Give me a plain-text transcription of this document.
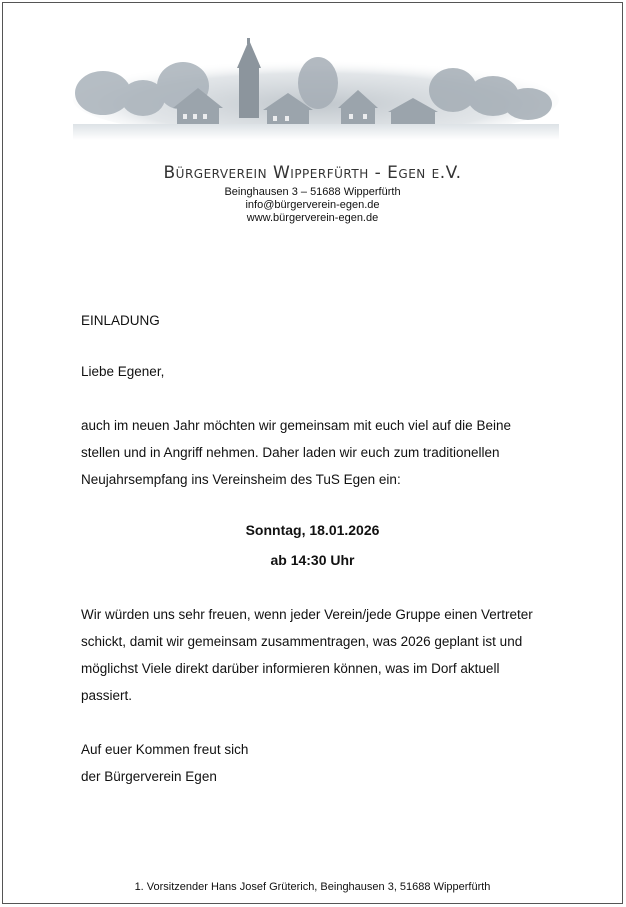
Bürgerverein Wipperfürth - Egen e.V.
Beinghausen 3 – 51688 Wipperfürth
info@bürgerverein-egen.de
www.bürgerverein-egen.de
EINLADUNG
Liebe Egener,
auch im neuen Jahr möchten wir gemeinsam mit euch viel auf die Beine
stellen und in Angriff nehmen. Daher laden wir euch zum traditionellen
Neujahrsempfang ins Vereinsheim des TuS Egen ein:
Sonntag, 18.01.2026
ab 14:30 Uhr
Wir würden uns sehr freuen, wenn jeder Verein/jede Gruppe einen Vertreter
schickt, damit wir gemeinsam zusammentragen, was 2026 geplant ist und
möglichst Viele direkt darüber informieren können, was im Dorf aktuell
passiert.
Auf euer Kommen freut sich
der Bürgerverein Egen
1. Vorsitzender Hans Josef Grüterich, Beinghausen 3, 51688 Wipperfürth
